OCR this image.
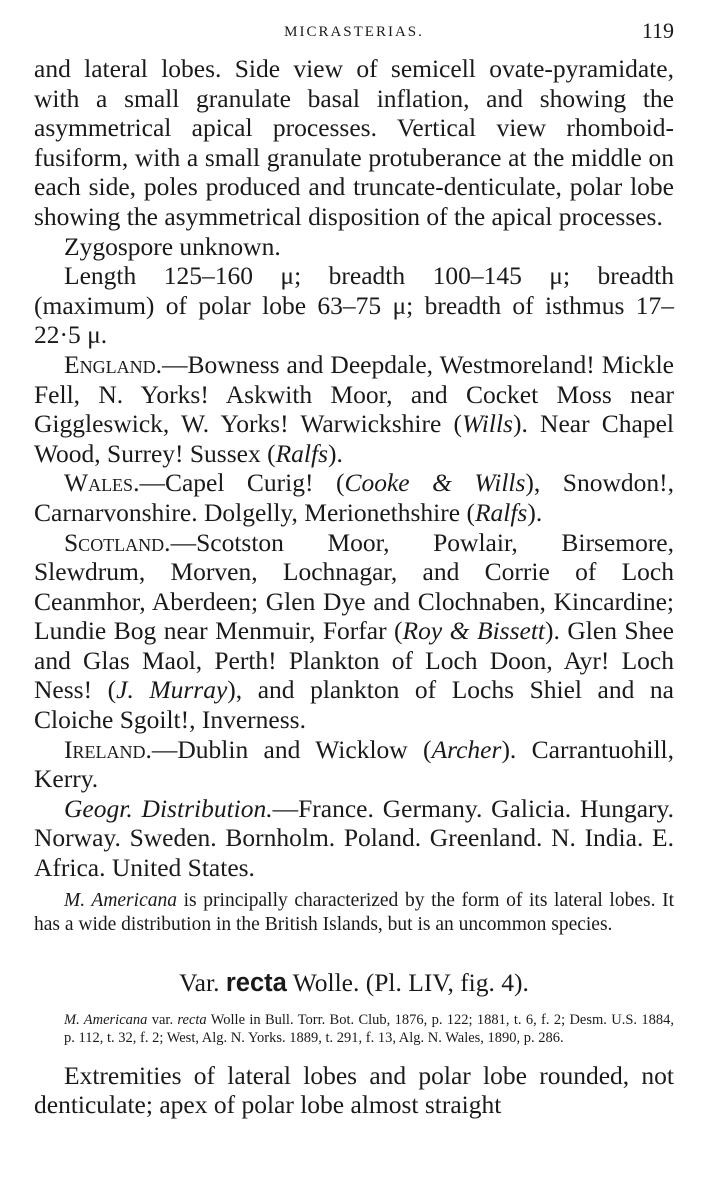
MICRASTERIAS.	119

and lateral lobes. Side view of semicell ovate-pyramidate, with a small granulate basal inflation, and showing the asymmetrical apical processes. Vertical view rhomboid-fusiform, with a small granulate protuberance at the middle on each side, poles produced and truncate-denticulate, polar lobe showing the asymmetrical disposition of the apical processes.

Zygospore unknown.

Length 125–160 μ; breadth 100–145 μ; breadth (maximum) of polar lobe 63–75 μ; breadth of isthmus 17–22·5 μ.

England.—Bowness and Deepdale, Westmoreland! Mickle Fell, N. Yorks! Askwith Moor, and Cocket Moss near Giggleswick, W. Yorks! Warwickshire (Wills). Near Chapel Wood, Surrey! Sussex (Ralfs).

Wales.—Capel Curig! (Cooke & Wills), Snowdon!, Carnarvonshire. Dolgelly, Merionethshire (Ralfs).

Scotland.—Scotston Moor, Powlair, Birsemore, Slewdrum, Morven, Lochnagar, and Corrie of Loch Ceanmhor, Aberdeen; Glen Dye and Clochnaben, Kincardine; Lundie Bog near Menmuir, Forfar (Roy & Bissett). Glen Shee and Glas Maol, Perth! Plankton of Loch Doon, Ayr! Loch Ness! (J. Murray), and plankton of Lochs Shiel and na Cloiche Sgoilt!, Inverness.

Ireland.—Dublin and Wicklow (Archer). Carrantuohill, Kerry.

Geogr. Distribution.—France. Germany. Galicia. Hungary. Norway. Sweden. Bornholm. Poland. Greenland. N. India. E. Africa. United States.

M. Americana is principally characterized by the form of its lateral lobes. It has a wide distribution in the British Islands, but is an uncommon species.

Var. recta Wolle. (Pl. LIV, fig. 4).

M. Americana var. recta Wolle in Bull. Torr. Bot. Club, 1876, p. 122; 1881, t. 6, f. 2; Desm. U.S. 1884, p. 112, t. 32, f. 2; West, Alg. N. Yorks. 1889, t. 291, f. 13, Alg. N. Wales, 1890, p. 286.

Extremities of lateral lobes and polar lobe rounded, not denticulate; apex of polar lobe almost straight
